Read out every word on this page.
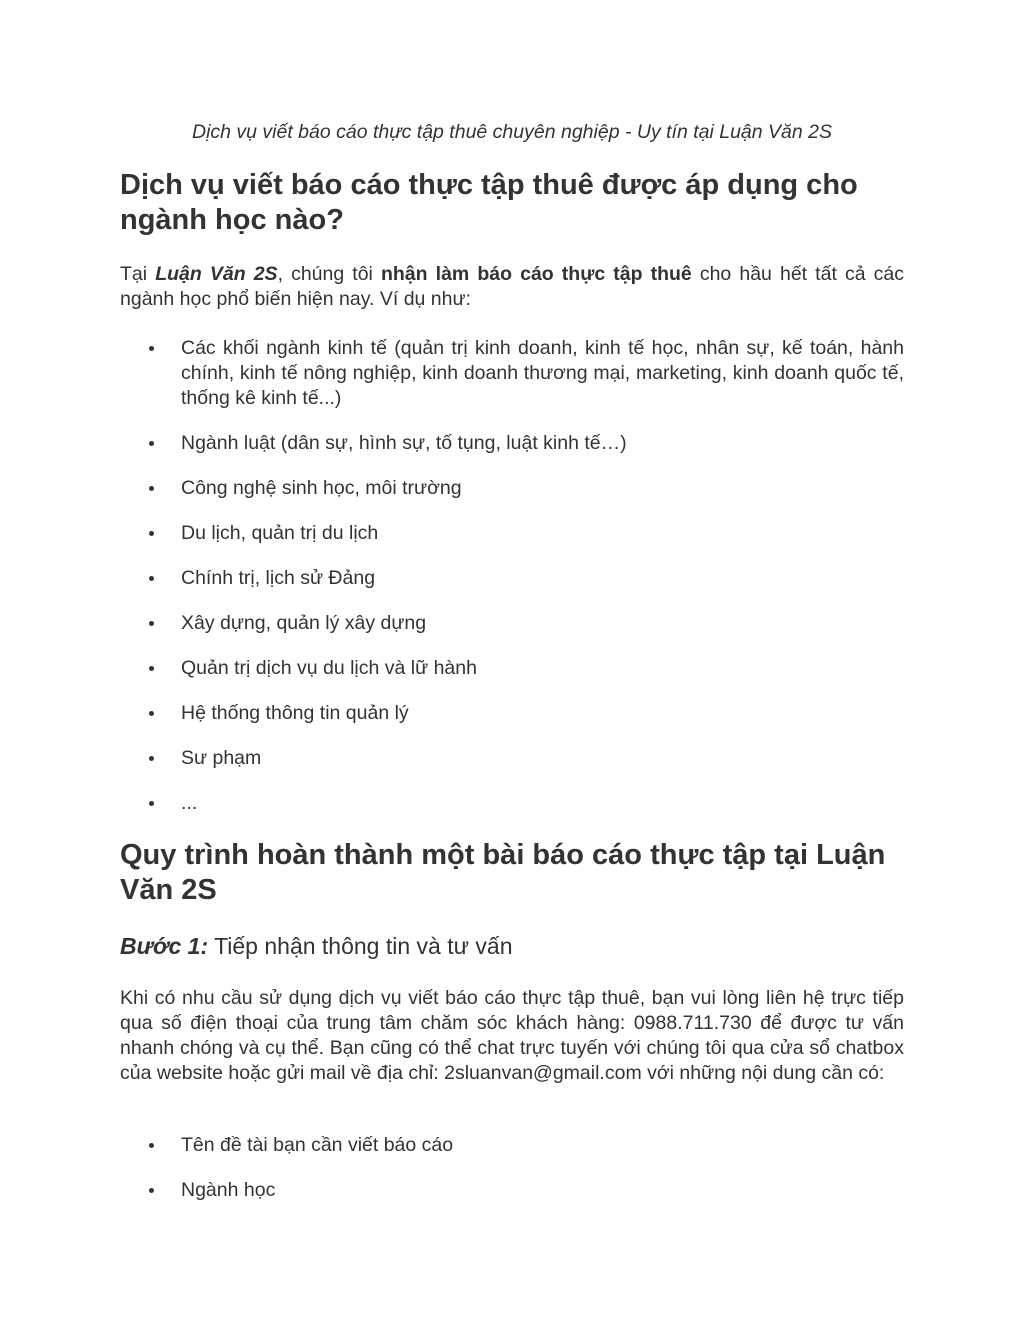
Dịch vụ viết báo cáo thực tập thuê chuyên nghiệp - Uy tín tại Luận Văn 2S

Dịch vụ viết báo cáo thực tập thuê được áp dụng cho ngành học nào?

Tại Luận Văn 2S, chúng tôi nhận làm báo cáo thực tập thuê cho hầu hết tất cả các ngành học phổ biến hiện nay. Ví dụ như:

Các khối ngành kinh tế (quản trị kinh doanh, kinh tế học, nhân sự, kế toán, hành chính, kinh tế nông nghiệp, kinh doanh thương mại, marketing, kinh doanh quốc tế, thống kê kinh tế...)
Ngành luật (dân sự, hình sự, tố tụng, luật kinh tế…)
Công nghệ sinh học, môi trường
Du lịch, quản trị du lịch
Chính trị, lịch sử Đảng
Xây dựng, quản lý xây dựng
Quản trị dịch vụ du lịch và lữ hành
Hệ thống thông tin quản lý
Sư phạm
...
Quy trình hoàn thành một bài báo cáo thực tập tại Luận Văn 2S
Bước 1: Tiếp nhận thông tin và tư vấn

Khi có nhu cầu sử dụng dịch vụ viết báo cáo thực tập thuê, bạn vui lòng liên hệ trực tiếp qua số điện thoại của trung tâm chăm sóc khách hàng: 0988.711.730 để được tư vấn nhanh chóng và cụ thể. Bạn cũng có thể chat trực tuyến với chúng tôi qua cửa sổ chatbox của website hoặc gửi mail về địa chỉ: 2sluanvan@gmail.com với những nội dung cần có:

Tên đề tài bạn cần viết báo cáo
Ngành học
